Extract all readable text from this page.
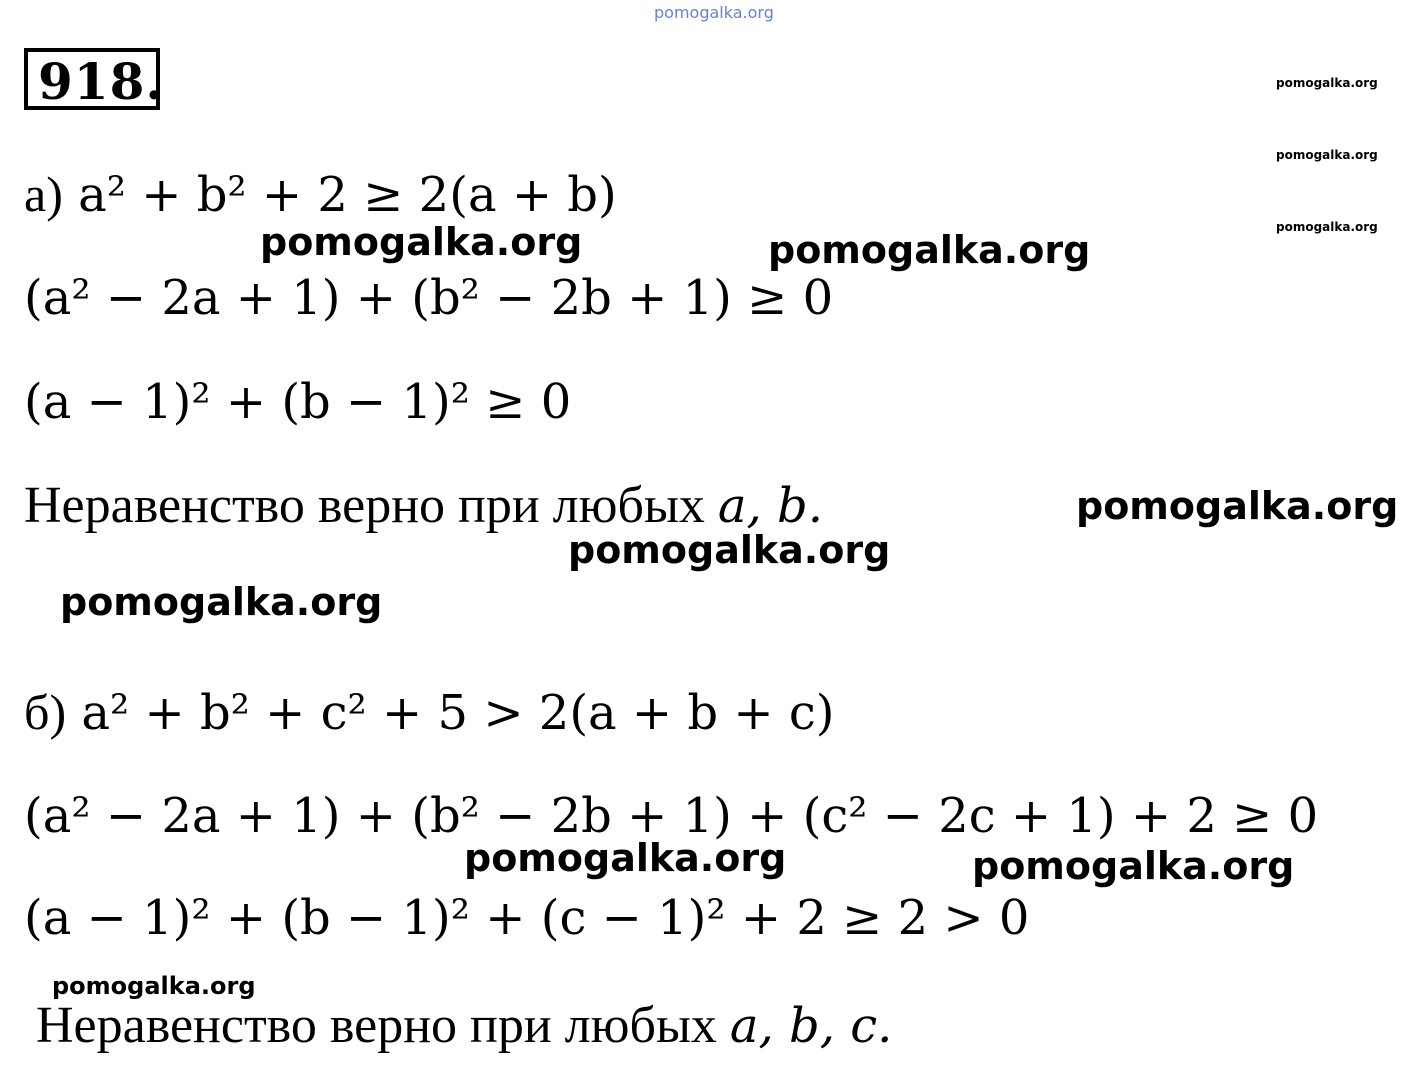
pomogalka.org
pomogalka.org
pomogalka.org
pomogalka.org
918.
а) a² + b² + 2 ≥ 2(a + b)
pomogalka.org	pomogalka.org
(a² − 2a + 1) + (b² − 2b + 1) ≥ 0
(a − 1)² + (b − 1)² ≥ 0
Неравенство верно при любых a, b.	pomogalka.org
pomogalka.org
pomogalka.org
б) a² + b² + c² + 5 > 2(a + b + c)
(a² − 2a + 1) + (b² − 2b + 1) + (c² − 2c + 1) + 2 ≥ 0
pomogalka.org	pomogalka.org
(a − 1)² + (b − 1)² + (c − 1)² + 2 ≥ 2 > 0
pomogalka.org
Неравенство верно при любых a, b, c.
